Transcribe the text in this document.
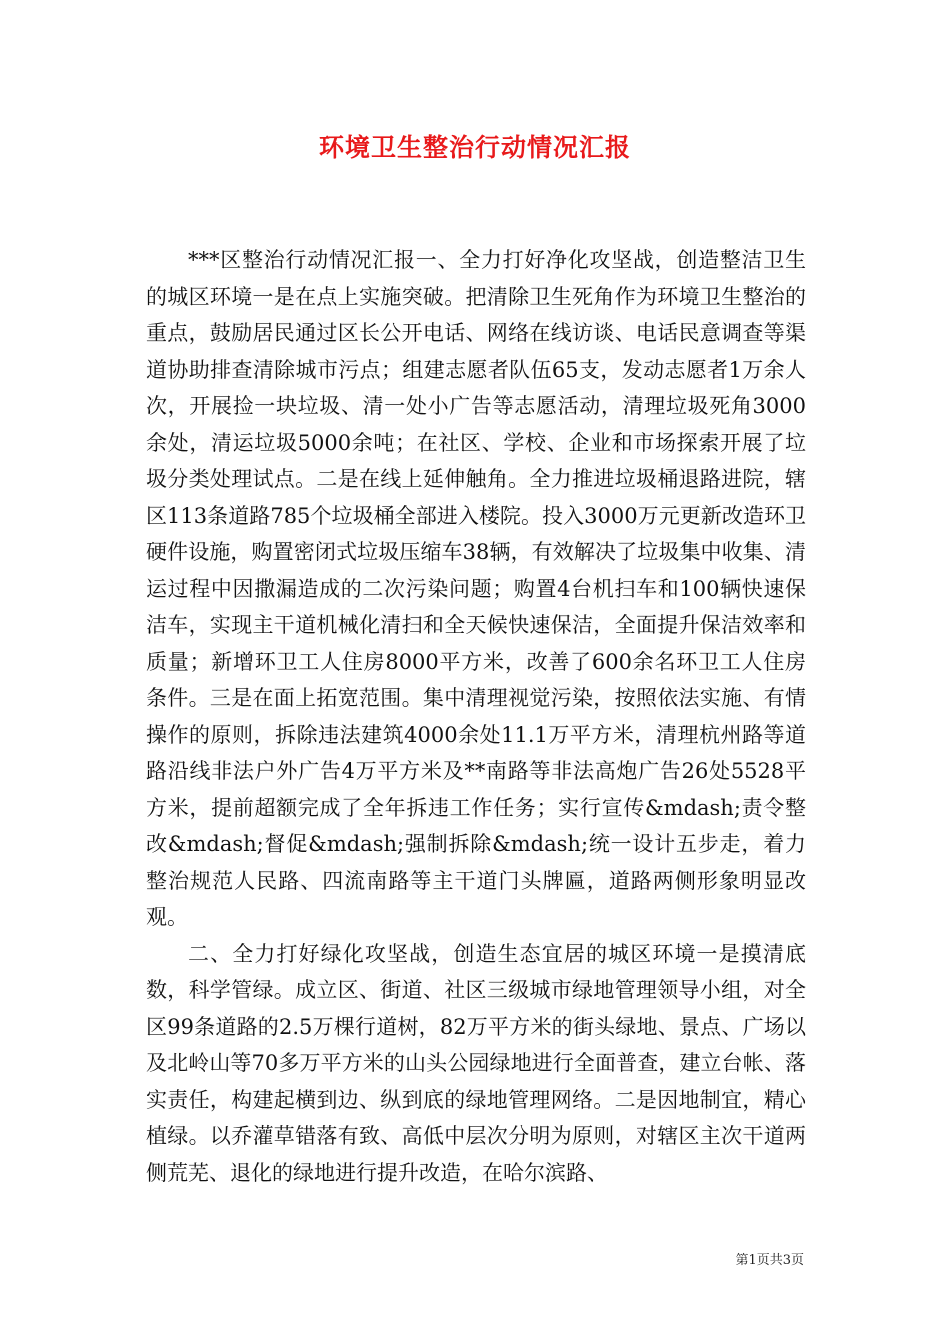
环境卫生整治行动情况汇报

***区整治行动情况汇报一、全力打好净化攻坚战，创造整洁卫生的城区环境一是在点上实施突破。把清除卫生死角作为环境卫生整治的重点，鼓励居民通过区长公开电话、网络在线访谈、电话民意调查等渠道协助排查清除城市污点；组建志愿者队伍65支，发动志愿者1万余人次，开展捡一块垃圾、清一处小广告等志愿活动，清理垃圾死角3000余处，清运垃圾5000余吨；在社区、学校、企业和市场探索开展了垃圾分类处理试点。二是在线上延伸触角。全力推进垃圾桶退路进院，辖区113条道路785个垃圾桶全部进入楼院。投入3000万元更新改造环卫硬件设施，购置密闭式垃圾压缩车38辆，有效解决了垃圾集中收集、清运过程中因撒漏造成的二次污染问题；购置4台机扫车和100辆快速保洁车，实现主干道机械化清扫和全天候快速保洁，全面提升保洁效率和质量；新增环卫工人住房8000平方米，改善了600余名环卫工人住房条件。三是在面上拓宽范围。集中清理视觉污染，按照依法实施、有情操作的原则，拆除违法建筑4000余处11.1万平方米，清理杭州路等道路沿线非法户外广告4万平方米及**南路等非法高炮广告26处5528平方米，提前超额完成了全年拆违工作任务；实行宣传&mdash;责令整改&mdash;督促&mdash;强制拆除&mdash;统一设计五步走，着力整治规范人民路、四流南路等主干道门头牌匾，道路两侧形象明显改观。

二、全力打好绿化攻坚战，创造生态宜居的城区环境一是摸清底数，科学管绿。成立区、街道、社区三级城市绿地管理领导小组，对全区99条道路的2.5万棵行道树，82万平方米的街头绿地、景点、广场以及北岭山等70多万平方米的山头公园绿地进行全面普查，建立台帐、落实责任，构建起横到边、纵到底的绿地管理网络。二是因地制宜，精心植绿。以乔灌草错落有致、高低中层次分明为原则，对辖区主次干道两侧荒芜、退化的绿地进行提升改造，在哈尔滨路、

第1页共3页
